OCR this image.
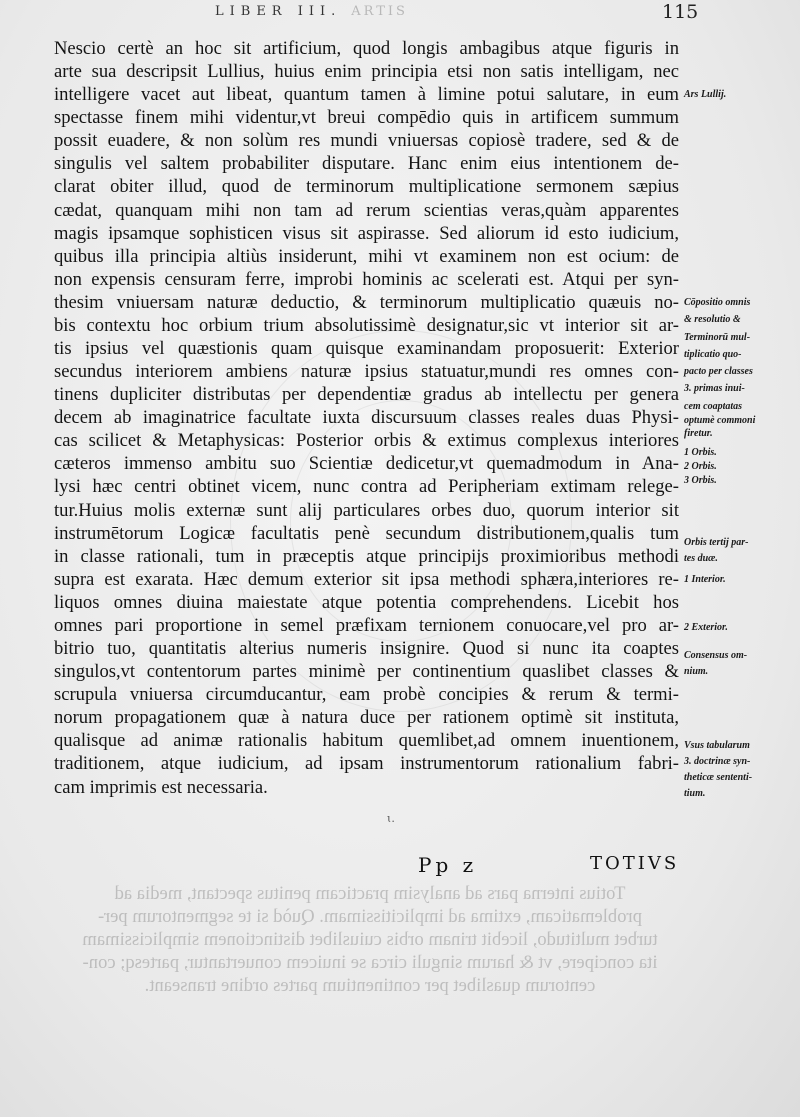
LIBER III. ARTIS	115
Nescio certè an hoc sit artificium, quod longis ambagibus atque figuris in
arte sua descripsit Lullius, huius enim principia etsi non satis intelligam, nec
intelligere vacet aut libeat, quantum tamen à limine potui salutare, in eum
spectasse finem mihi videntur,vt breui compēdio quis in artificem summum
possit euadere, & non solùm res mundi vniuersas copiosè tradere, sed & de
singulis vel saltem probabiliter disputare. Hanc enim eius intentionem de-
clarat obiter illud, quod de terminorum multiplicatione sermonem sæpius
cædat, quanquam mihi non tam ad rerum scientias veras,quàm apparentes
magis ipsamque sophisticen visus sit aspirasse. Sed aliorum id esto iudicium,
quibus illa principia altiùs insiderunt, mihi vt examinem non est ocium: de
non expensis censuram ferre, improbi hominis ac scelerati est. Atqui per syn-
thesim vniuersam naturæ deductio, & terminorum multiplicatio quæuis no-
bis contextu hoc orbium trium absolutissimè designatur,sic vt interior sit ar-
tis ipsius vel quæstionis quam quisque examinandam proposuerit: Exterior
secundus interiorem ambiens naturæ ipsius statuatur,mundi res omnes con-
tinens dupliciter distributas per dependentiæ gradus ab intellectu per genera
decem ab imaginatrice facultate iuxta discursuum classes reales duas Physi-
cas scilicet & Metaphysicas: Posterior orbis & extimus complexus interiores
cæteros immenso ambitu suo Scientiæ dedicetur,vt quemadmodum in Ana-
lysi hæc centri obtinet vicem, nunc contra ad Peripheriam extimam relege-
tur.Huius molis externæ sunt alij particulares orbes duo, quorum interior sit
instrumētorum Logicæ facultatis penè secundum distributionem,qualis tum
in classe rationali, tum in præceptis atque principijs proximioribus methodi
supra est exarata. Hæc demum exterior sit ipsa methodi sphæra,interiores re-
liquos omnes diuina maiestate atque potentia comprehendens. Licebit hos
omnes pari proportione in semel præfixam ternionem conuocare,vel pro ar-
bitrio tuo, quantitatis alterius numeris insignire. Quod si nunc ita coaptes
singulos,vt contentorum partes minimè per continentium quaslibet classes &
scrupula vniuersa circumducantur, eam probè concipies & rerum & termi-
norum propagationem quæ à natura duce per rationem optimè sit instituta,
qualisque ad animæ rationalis habitum quemlibet,ad omnem inuentionem,
traditionem, atque iudicium, ad ipsam instrumentorum rationalium fabri-
cam imprimis est necessaria.
Ars Lullij.
Cōpositio omnis
& resolutio &
Terminorū mul-
tiplicatio quo-
pacto per classes
3. primas inui-
cem coaptatas
optumè commoni
firetur.
1 Orbis.
2 Orbis.
3 Orbis.
Orbis tertij par-
tes duæ.
1 Interior.
2 Exterior.
Consensus om-
nium.
Vsus tabularum
3. doctrinæ syn-
theticæ sententi-
tium.
ɩ.
Pp z	TOTIVS
Totius interna pars ad analysim practicam penitus spectant, media ad
problematicam, extima ad implicitissimam. Quòd si te segmentorum per-
turbet multitudo, licebit trinam orbis cuiuslibet distinctionem simplicissimam
ita concipere, vt & harum singuli circa se inuicem conuertantur, partesq; con-
centorum quaslibet per continentium partes ordine transeant.
